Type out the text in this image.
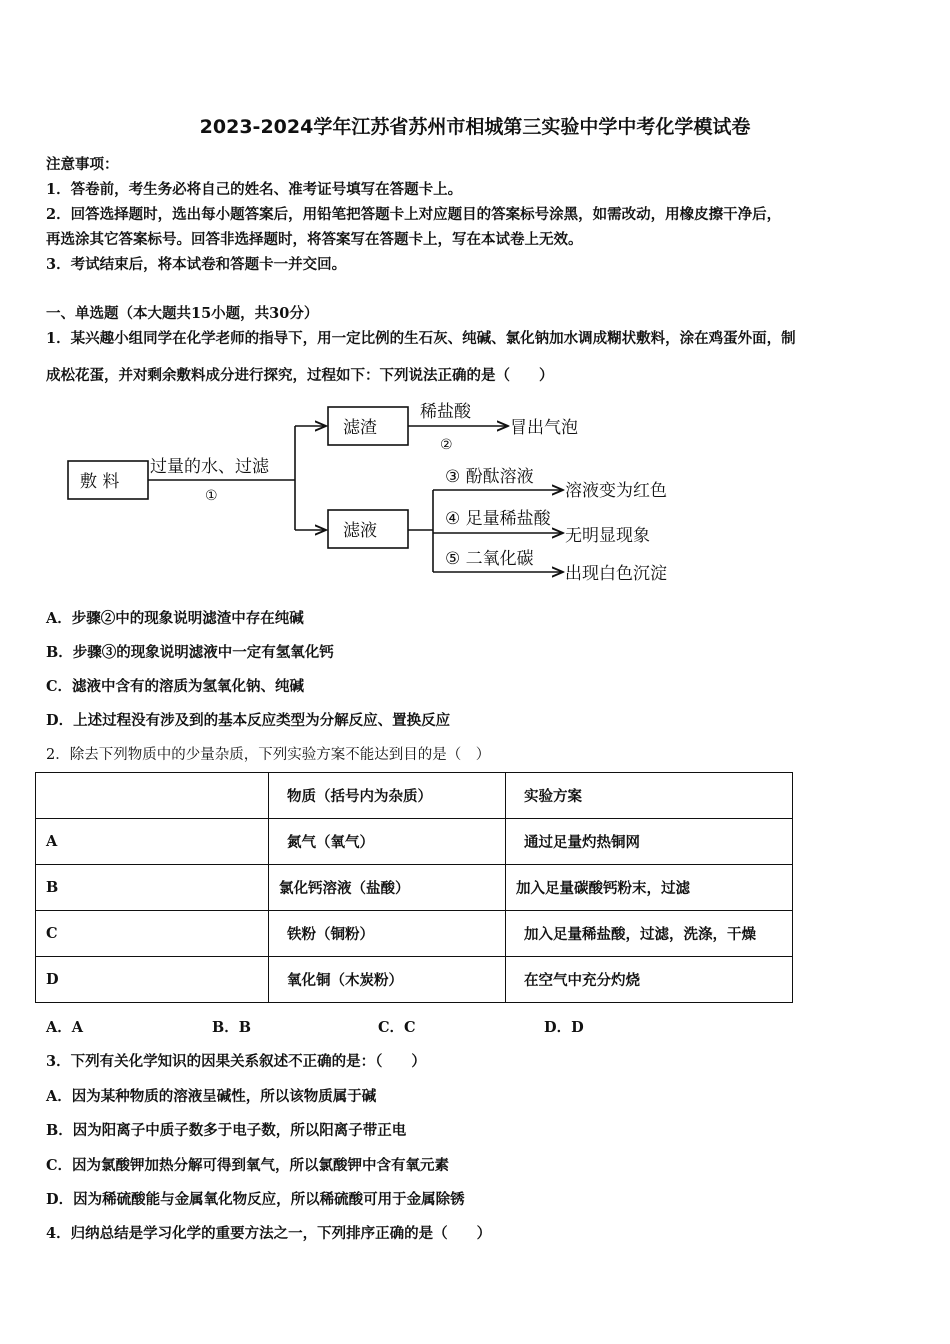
2023-2024学年江苏省苏州市相城第三实验中学中考化学模试卷
注意事项：
1．答卷前，考生务必将自己的姓名、准考证号填写在答题卡上。
2．回答选择题时，选出每小题答案后，用铅笔把答题卡上对应题目的答案标号涂黑，如需改动，用橡皮擦干净后，
再选涂其它答案标号。回答非选择题时，将答案写在答题卡上，写在本试卷上无效。
3．考试结束后，将本试卷和答题卡一并交回。
一、单选题（本大题共15小题，共30分）
1．某兴趣小组同学在化学老师的指导下，用一定比例的生石灰、纯碱、氯化钠加水调成糊状敷料，涂在鸡蛋外面，制
成松花蛋，并对剩余敷料成分进行探究，过程如下：下列说法正确的是（　　）
敷 料
过量的水、过滤
①
滤渣
滤液
稀盐酸
②
冒出气泡
③ 酚酞溶液
溶液变为红色
④ 足量稀盐酸
无明显现象
⑤ 二氧化碳
出现白色沉淀
A．步骤②中的现象说明滤渣中存在纯碱
B．步骤③的现象说明滤液中一定有氢氧化钙
C．滤液中含有的溶质为氢氧化钠、纯碱
D．上述过程没有涉及到的基本反应类型为分解反应、置换反应
2．除去下列物质中的少量杂质，下列实验方案不能达到目的是（　）
	物质（括号内为杂质）	实验方案
A	氮气（氧气）	通过足量灼热铜网
B	氯化钙溶液（盐酸）	加入足量碳酸钙粉末，过滤
C	铁粉（铜粉）	加入足量稀盐酸，过滤，洗涤，干燥
D	氧化铜（木炭粉）	在空气中充分灼烧
A．A	B．B	C．C	D．D
3．下列有关化学知识的因果关系叙述不正确的是：（　　）
A．因为某种物质的溶液呈碱性，所以该物质属于碱
B．因为阳离子中质子数多于电子数，所以阳离子带正电
C．因为氯酸钾加热分解可得到氧气，所以氯酸钾中含有氧元素
D．因为稀硫酸能与金属氧化物反应，所以稀硫酸可用于金属除锈
4．归纳总结是学习化学的重要方法之一，下列排序正确的是（　　）
